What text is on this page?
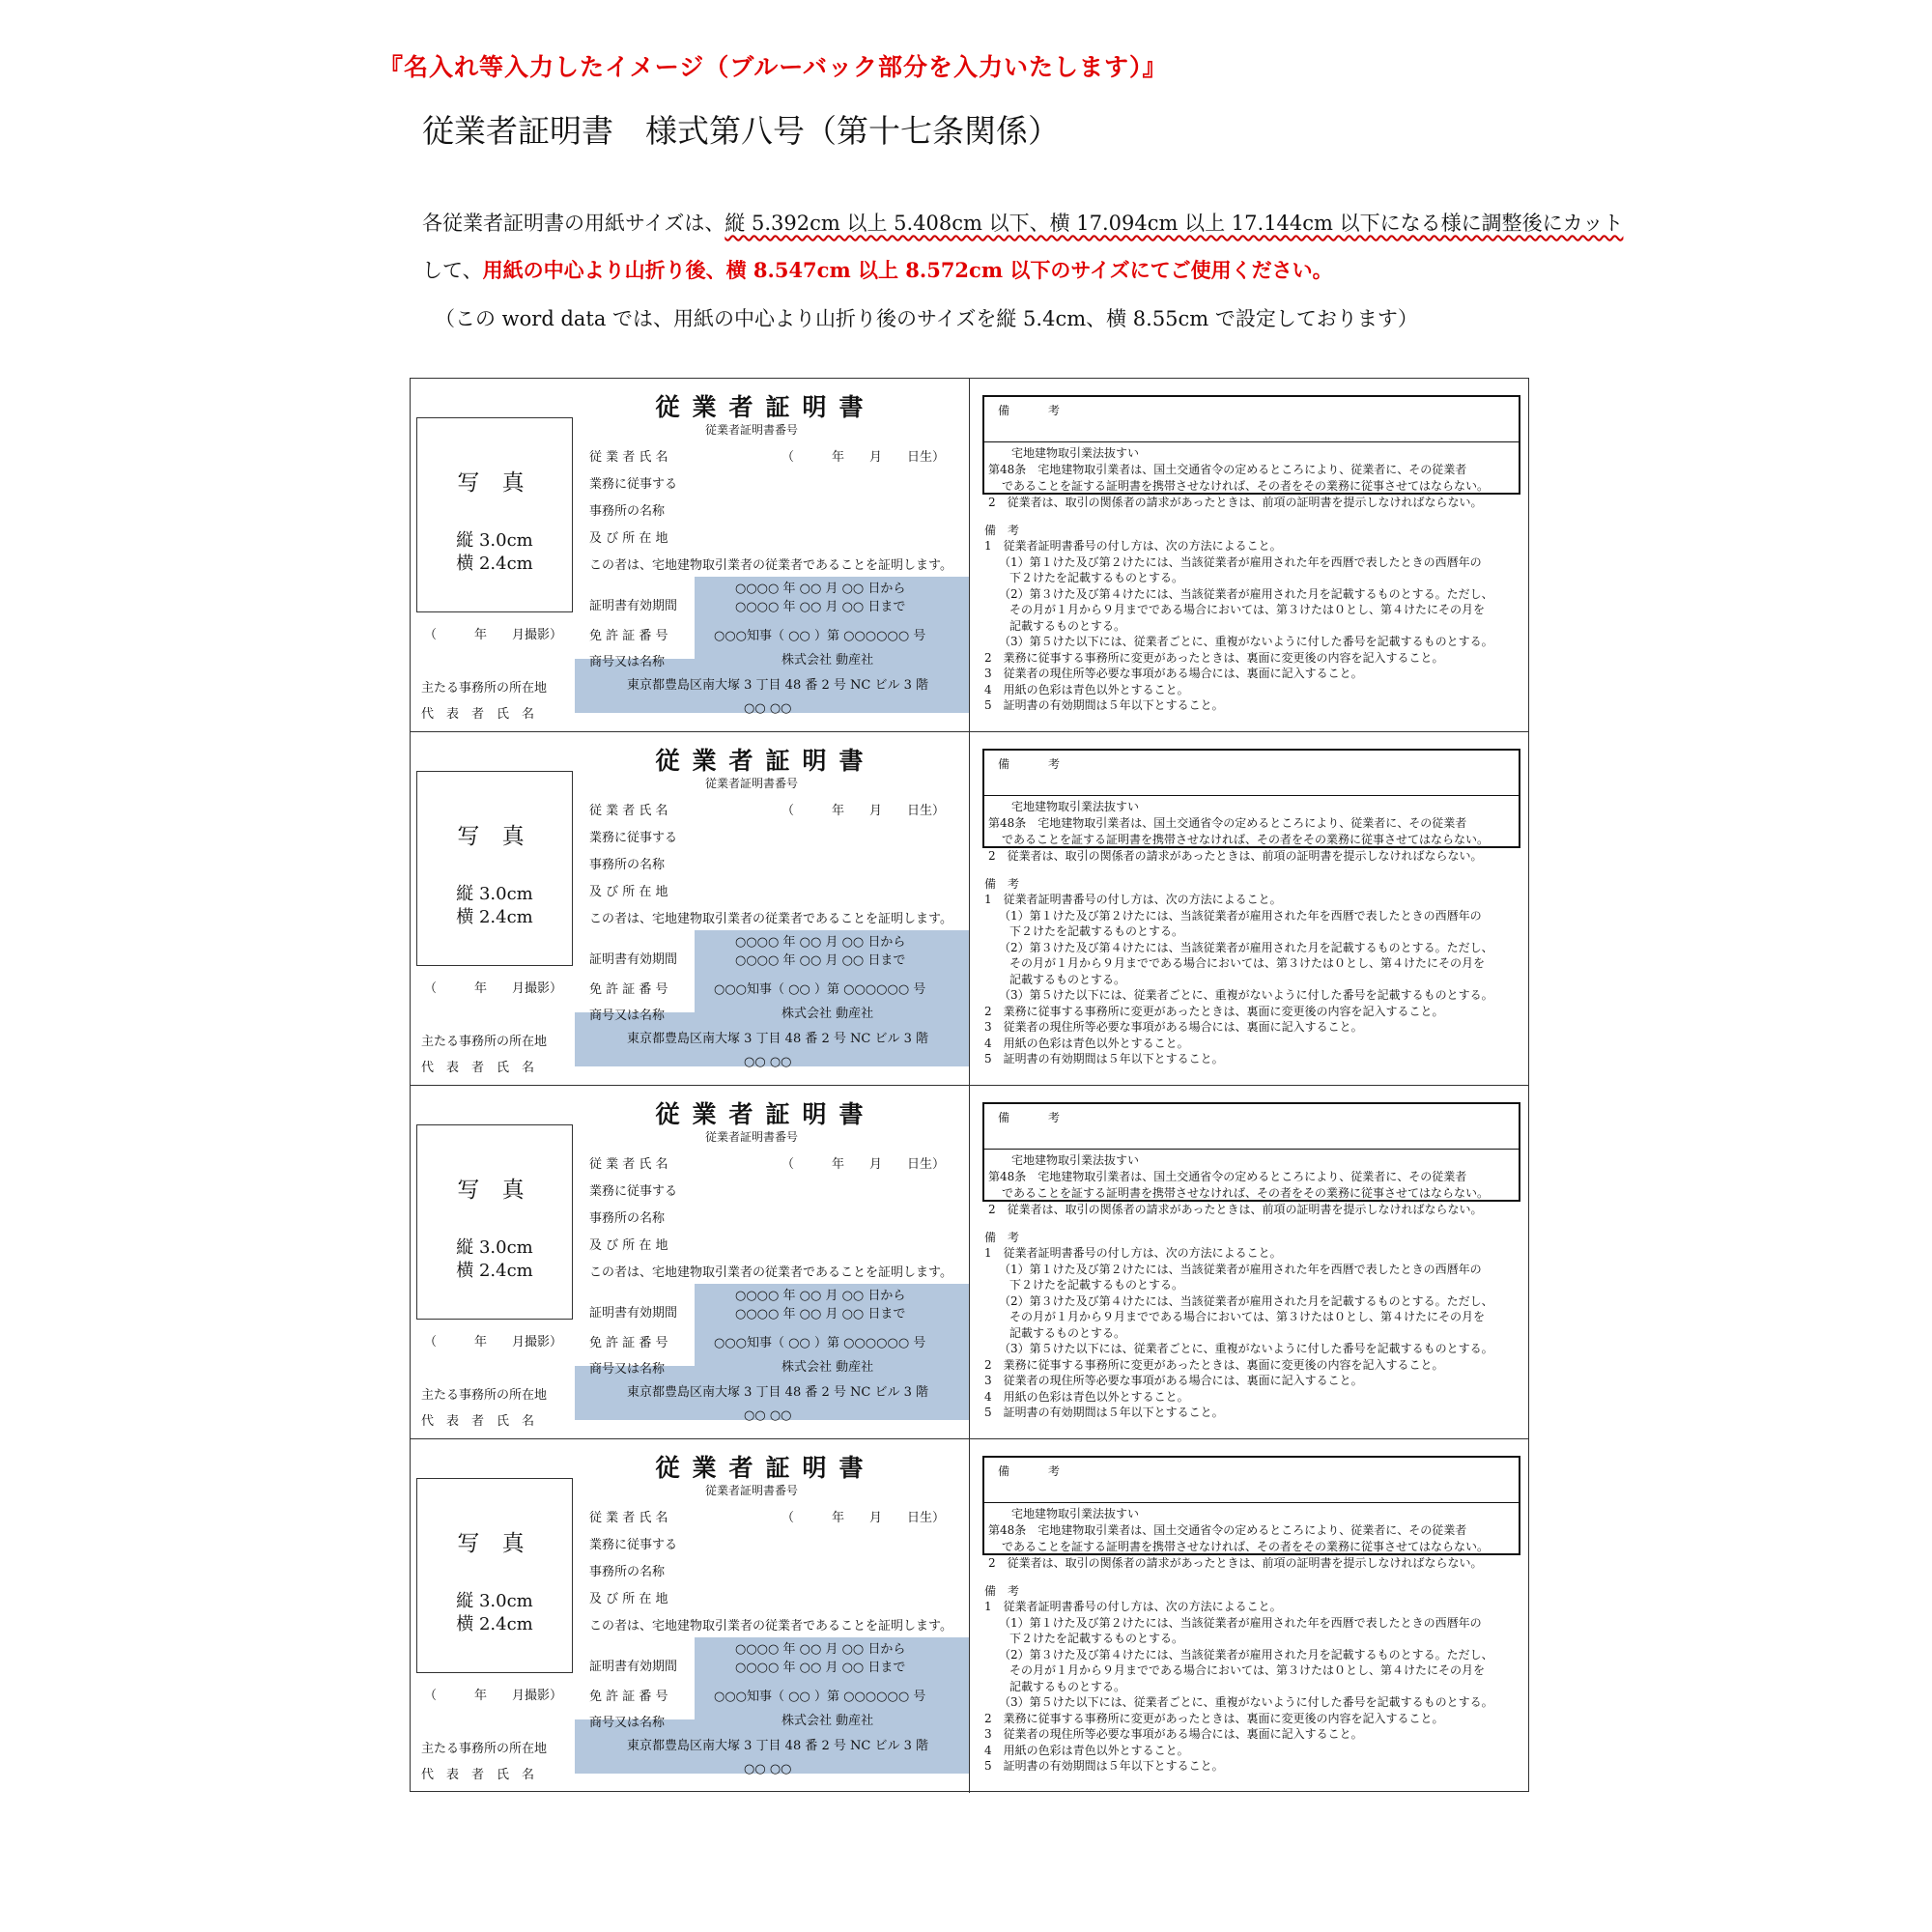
『名入れ等入力したイメージ（ブルーバック部分を入力いたします）』
従業者証明書　様式第八号（第十七条関係）
各従業者証明書の用紙サイズは、縦 5.392cm 以上 5.408cm 以下、横 17.094cm 以上 17.144cm 以下になる様に調整後にカット
して、用紙の中心より山折り後、横 8.547cm 以上 8.572cm 以下のサイズにてご使用ください。
（この word data では、用紙の中心より山折り後のサイズを縦 5.4cm、横 8.55cm で設定しております）
従業者証明書
従業者証明書番号
写 真
縦 3.0cm
横 2.4cm
（　　　年　　月撮影）
従 業 者 氏 名	（　　　年　　月　　日生）
業務に従事する
事務所の名称
及 び 所 在 地
この者は、宅地建物取引業者の従業者であることを証明します。
証明書有効期間
○○○○ 年 ○○ 月 ○○ 日から
○○○○ 年 ○○ 月 ○○ 日まで
免 許 証 番 号	○○○知事（ ○○ ）第 ○○○○○○ 号
商号又は名称	株式会社 動産社
主たる事務所の所在地	東京都豊島区南大塚 3 丁目 48 番 2 号 NC ビル 3 階
代　表　者　氏　名	○○ ○○
備　考
宅地建物取引業法抜すい
第48条　宅地建物取引業者は、国土交通省令の定めるところにより、従業者に、その従業者
であることを証する証明書を携帯させなければ、その者をその業務に従事させてはならない。
2　従業者は、取引の関係者の請求があったときは、前項の証明書を提示しなければならない。
備　考
1　従業者証明書番号の付し方は、次の方法によること。
（1）第１けた及び第２けたには、当該従業者が雇用された年を西暦で表したときの西暦年の
下２けたを記載するものとする。
（2）第３けた及び第４けたには、当該従業者が雇用された月を記載するものとする。ただし、
その月が１月から９月までである場合においては、第３けたは０とし、第４けたにその月を
記載するものとする。
（3）第５けた以下には、従業者ごとに、重複がないように付した番号を記載するものとする。
2　業務に従事する事務所に変更があったときは、裏面に変更後の内容を記入すること。
3　従業者の現住所等必要な事項がある場合には、裏面に記入すること。
4　用紙の色彩は青色以外とすること。
5　証明書の有効期間は５年以下とすること。
従業者証明書
従業者証明書番号
写 真
縦 3.0cm
横 2.4cm
（　　　年　　月撮影）
従 業 者 氏 名	（　　　年　　月　　日生）
業務に従事する
事務所の名称
及 び 所 在 地
この者は、宅地建物取引業者の従業者であることを証明します。
証明書有効期間
○○○○ 年 ○○ 月 ○○ 日から
○○○○ 年 ○○ 月 ○○ 日まで
免 許 証 番 号	○○○知事（ ○○ ）第 ○○○○○○ 号
商号又は名称	株式会社 動産社
主たる事務所の所在地	東京都豊島区南大塚 3 丁目 48 番 2 号 NC ビル 3 階
代　表　者　氏　名	○○ ○○
備　考
宅地建物取引業法抜すい
第48条　宅地建物取引業者は、国土交通省令の定めるところにより、従業者に、その従業者
であることを証する証明書を携帯させなければ、その者をその業務に従事させてはならない。
2　従業者は、取引の関係者の請求があったときは、前項の証明書を提示しなければならない。
備　考
1　従業者証明書番号の付し方は、次の方法によること。
（1）第１けた及び第２けたには、当該従業者が雇用された年を西暦で表したときの西暦年の
下２けたを記載するものとする。
（2）第３けた及び第４けたには、当該従業者が雇用された月を記載するものとする。ただし、
その月が１月から９月までである場合においては、第３けたは０とし、第４けたにその月を
記載するものとする。
（3）第５けた以下には、従業者ごとに、重複がないように付した番号を記載するものとする。
2　業務に従事する事務所に変更があったときは、裏面に変更後の内容を記入すること。
3　従業者の現住所等必要な事項がある場合には、裏面に記入すること。
4　用紙の色彩は青色以外とすること。
5　証明書の有効期間は５年以下とすること。
従業者証明書
従業者証明書番号
写 真
縦 3.0cm
横 2.4cm
（　　　年　　月撮影）
従 業 者 氏 名	（　　　年　　月　　日生）
業務に従事する
事務所の名称
及 び 所 在 地
この者は、宅地建物取引業者の従業者であることを証明します。
証明書有効期間
○○○○ 年 ○○ 月 ○○ 日から
○○○○ 年 ○○ 月 ○○ 日まで
免 許 証 番 号	○○○知事（ ○○ ）第 ○○○○○○ 号
商号又は名称	株式会社 動産社
主たる事務所の所在地	東京都豊島区南大塚 3 丁目 48 番 2 号 NC ビル 3 階
代　表　者　氏　名	○○ ○○
備　考
宅地建物取引業法抜すい
第48条　宅地建物取引業者は、国土交通省令の定めるところにより、従業者に、その従業者
であることを証する証明書を携帯させなければ、その者をその業務に従事させてはならない。
2　従業者は、取引の関係者の請求があったときは、前項の証明書を提示しなければならない。
備　考
1　従業者証明書番号の付し方は、次の方法によること。
（1）第１けた及び第２けたには、当該従業者が雇用された年を西暦で表したときの西暦年の
下２けたを記載するものとする。
（2）第３けた及び第４けたには、当該従業者が雇用された月を記載するものとする。ただし、
その月が１月から９月までである場合においては、第３けたは０とし、第４けたにその月を
記載するものとする。
（3）第５けた以下には、従業者ごとに、重複がないように付した番号を記載するものとする。
2　業務に従事する事務所に変更があったときは、裏面に変更後の内容を記入すること。
3　従業者の現住所等必要な事項がある場合には、裏面に記入すること。
4　用紙の色彩は青色以外とすること。
5　証明書の有効期間は５年以下とすること。
従業者証明書
従業者証明書番号
写 真
縦 3.0cm
横 2.4cm
（　　　年　　月撮影）
従 業 者 氏 名	（　　　年　　月　　日生）
業務に従事する
事務所の名称
及 び 所 在 地
この者は、宅地建物取引業者の従業者であることを証明します。
証明書有効期間
○○○○ 年 ○○ 月 ○○ 日から
○○○○ 年 ○○ 月 ○○ 日まで
免 許 証 番 号	○○○知事（ ○○ ）第 ○○○○○○ 号
商号又は名称	株式会社 動産社
主たる事務所の所在地	東京都豊島区南大塚 3 丁目 48 番 2 号 NC ビル 3 階
代　表　者　氏　名	○○ ○○
備　考
宅地建物取引業法抜すい
第48条　宅地建物取引業者は、国土交通省令の定めるところにより、従業者に、その従業者
であることを証する証明書を携帯させなければ、その者をその業務に従事させてはならない。
2　従業者は、取引の関係者の請求があったときは、前項の証明書を提示しなければならない。
備　考
1　従業者証明書番号の付し方は、次の方法によること。
（1）第１けた及び第２けたには、当該従業者が雇用された年を西暦で表したときの西暦年の
下２けたを記載するものとする。
（2）第３けた及び第４けたには、当該従業者が雇用された月を記載するものとする。ただし、
その月が１月から９月までである場合においては、第３けたは０とし、第４けたにその月を
記載するものとする。
（3）第５けた以下には、従業者ごとに、重複がないように付した番号を記載するものとする。
2　業務に従事する事務所に変更があったときは、裏面に変更後の内容を記入すること。
3　従業者の現住所等必要な事項がある場合には、裏面に記入すること。
4　用紙の色彩は青色以外とすること。
5　証明書の有効期間は５年以下とすること。
